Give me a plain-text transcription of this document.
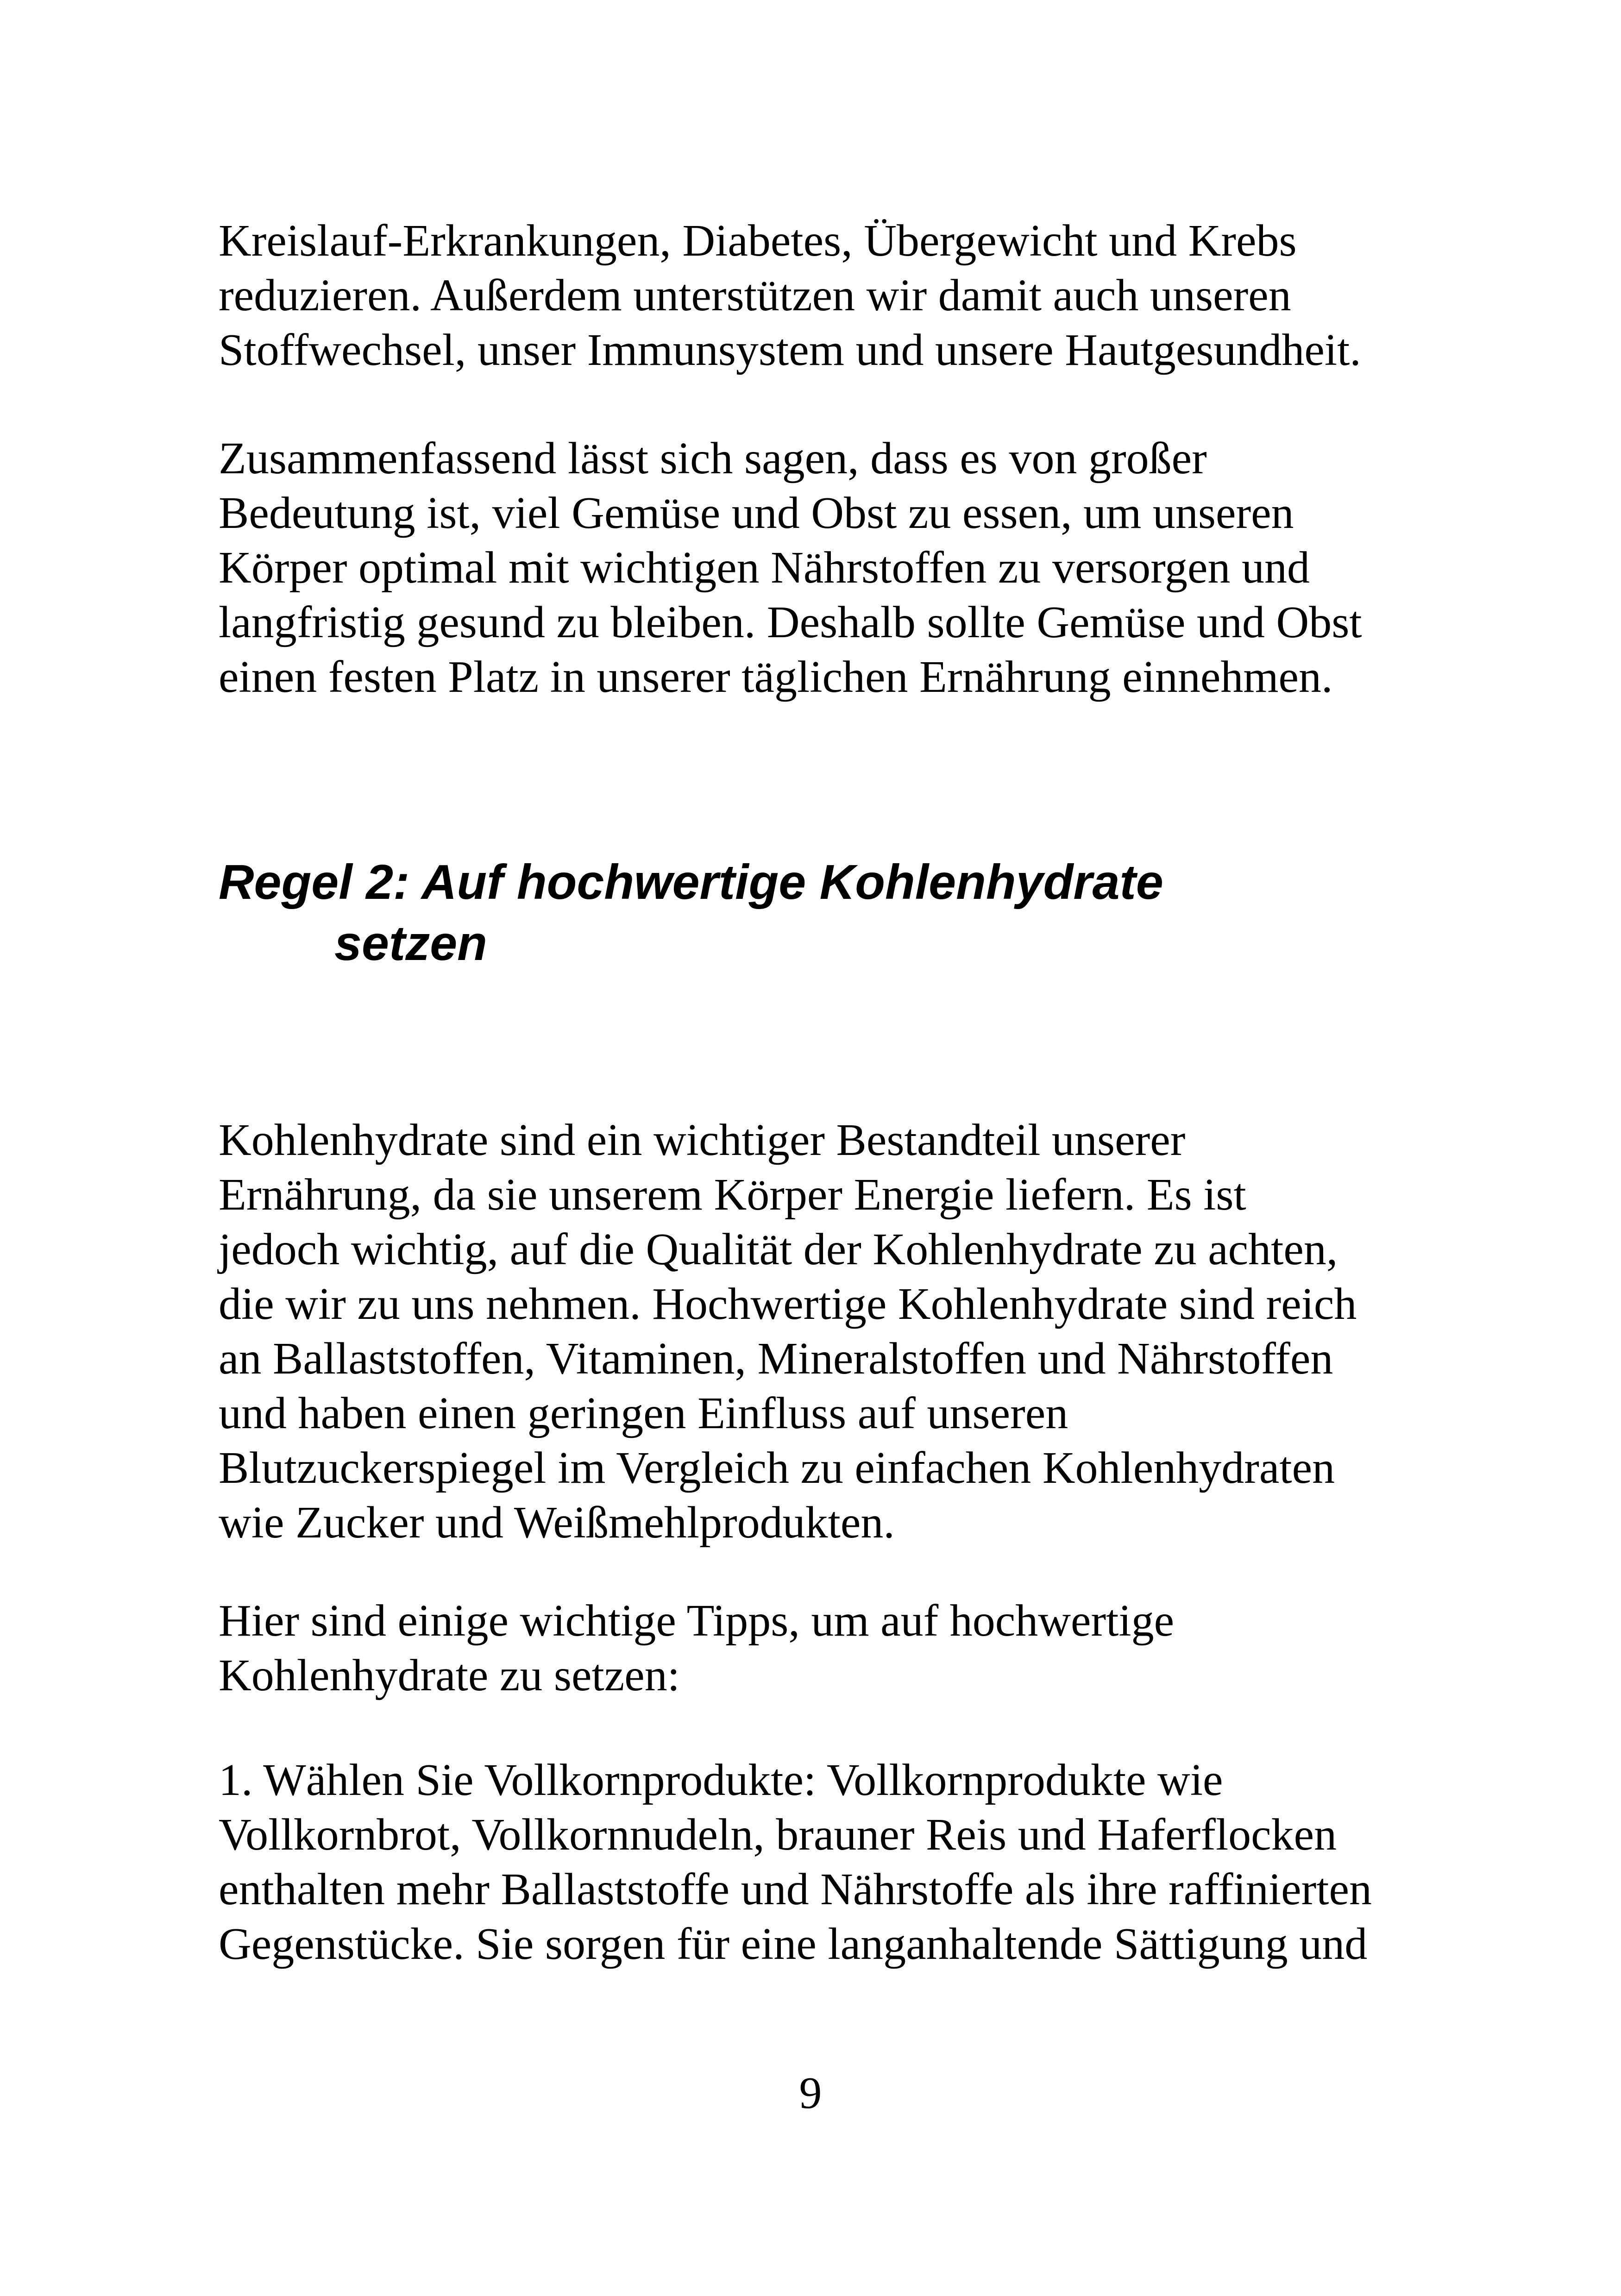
Kreislauf-Erkrankungen, Diabetes, Übergewicht und Krebs
reduzieren. Außerdem unterstützen wir damit auch unseren
Stoffwechsel, unser Immunsystem und unsere Hautgesundheit.
Zusammenfassend lässt sich sagen, dass es von großer
Bedeutung ist, viel Gemüse und Obst zu essen, um unseren
Körper optimal mit wichtigen Nährstoffen zu versorgen und
langfristig gesund zu bleiben. Deshalb sollte Gemüse und Obst
einen festen Platz in unserer täglichen Ernährung einnehmen.
Regel 2: Auf hochwertige Kohlenhydrate
setzen
Kohlenhydrate sind ein wichtiger Bestandteil unserer
Ernährung, da sie unserem Körper Energie liefern. Es ist
jedoch wichtig, auf die Qualität der Kohlenhydrate zu achten,
die wir zu uns nehmen. Hochwertige Kohlenhydrate sind reich
an Ballaststoffen, Vitaminen, Mineralstoffen und Nährstoffen
und haben einen geringen Einfluss auf unseren
Blutzuckerspiegel im Vergleich zu einfachen Kohlenhydraten
wie Zucker und Weißmehlprodukten.
Hier sind einige wichtige Tipps, um auf hochwertige
Kohlenhydrate zu setzen:
1. Wählen Sie Vollkornprodukte: Vollkornprodukte wie
Vollkornbrot, Vollkornnudeln, brauner Reis und Haferflocken
enthalten mehr Ballaststoffe und Nährstoffe als ihre raffinierten
Gegenstücke. Sie sorgen für eine langanhaltende Sättigung und
9
